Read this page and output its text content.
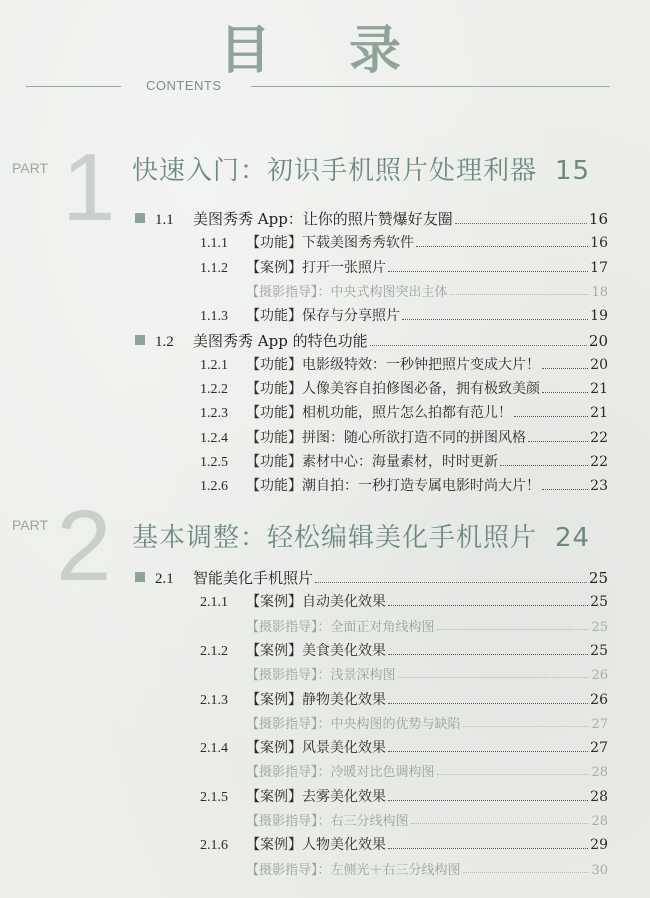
目 录
CONTENTS
PART 1 快速入门：初识手机照片处理利器 15
PART 2 基本调整：轻松编辑美化手机照片 24
1.1	美图秀秀 App：让你的照片赞爆好友圈	16
1.1.1	【功能】下载美图秀秀软件	16
1.1.2	【案例】打开一张照片	17
【摄影指导】：中央式构图突出主体	18
1.1.3	【功能】保存与分享照片	19
1.2	美图秀秀 App 的特色功能	20
1.2.1	【功能】电影级特效：一秒钟把照片变成大片！	20
1.2.2	【功能】人像美容自拍修图必备，拥有极致美颜	21
1.2.3	【功能】相机功能，照片怎么拍都有范儿！	21
1.2.4	【功能】拼图：随心所欲打造不同的拼图风格	22
1.2.5	【功能】素材中心：海量素材，时时更新	22
1.2.6	【功能】潮自拍：一秒打造专属电影时尚大片！	23
2.1	智能美化手机照片	25
2.1.1	【案例】自动美化效果	25
【摄影指导】：全面正对角线构图	25
2.1.2	【案例】美食美化效果	25
【摄影指导】：浅景深构图	26
2.1.3	【案例】静物美化效果	26
【摄影指导】：中央构图的优势与缺陷	27
2.1.4	【案例】风景美化效果	27
【摄影指导】：冷暖对比色调构图	28
2.1.5	【案例】去雾美化效果	28
【摄影指导】：右三分线构图	28
2.1.6	【案例】人物美化效果	29
【摄影指导】：左侧光＋右三分线构图	30
